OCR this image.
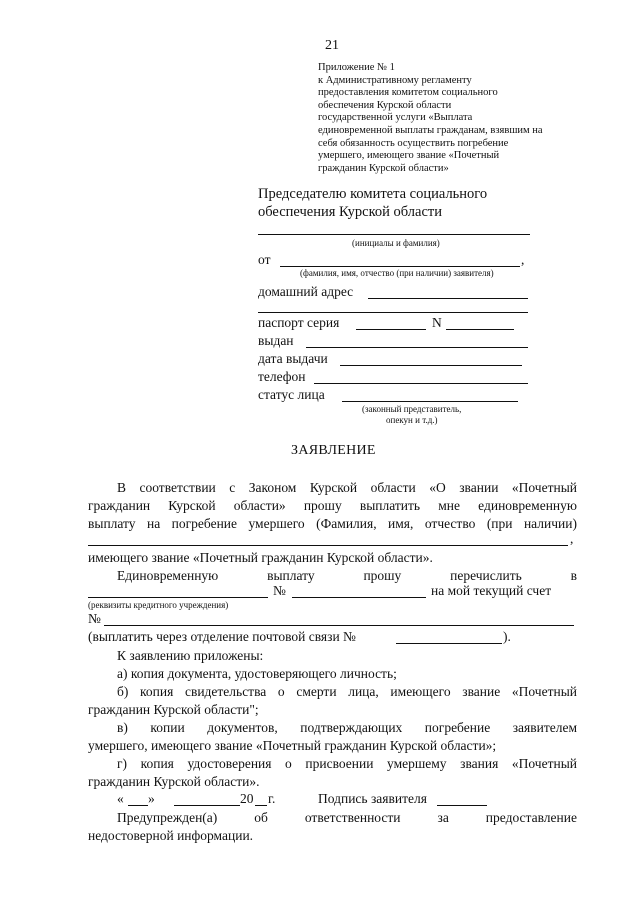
21
Приложение № 1
к Административному регламенту
предоставления комитетом социального
обеспечения Курской области
государственной услуги «Выплата
единовременной выплаты гражданам, взявшим на
себя обязанность осуществить погребение
умершего, имеющего звание «Почетный
гражданин Курской области»
Председателю комитета социального
обеспечения Курской области
(инициалы и фамилия)
от	,
(фамилия, имя, отчество (при наличии) заявителя)
домашний адрес
паспорт серия	N
выдан
дата выдачи
телефон
статус лица
(законный представитель,
опекун и т.д.)
ЗАЯВЛЕНИЕ
В соответствии с Законом Курской области «О звании «Почетный
гражданин Курской области» прошу выплатить мне единовременную
выплату на погребение умершего (Фамилия, имя, отчество (при наличии)
,
имеющего звание «Почетный гражданин Курской области».
Единовременную	выплату	прошу	перечислить	в
№	на мой текущий счет
(реквизиты кредитного учреждения)
№
(выплатить через отделение почтовой связи №	).
К заявлению приложены:
а) копия документа, удостоверяющего личность;
б) копия свидетельства о смерти лица, имеющего звание «Почетный
гражданин Курской области";
в) копии документов, подтверждающих погребение заявителем
умершего, имеющего звание «Почетный гражданин Курской области»;
г) копия удостоверения о присвоении умершему звания «Почетный
гражданин Курской области».
« »	20 г.	Подпись заявителя
Предупрежден(а)	об	ответственности	за	предоставление
недостоверной информации.
